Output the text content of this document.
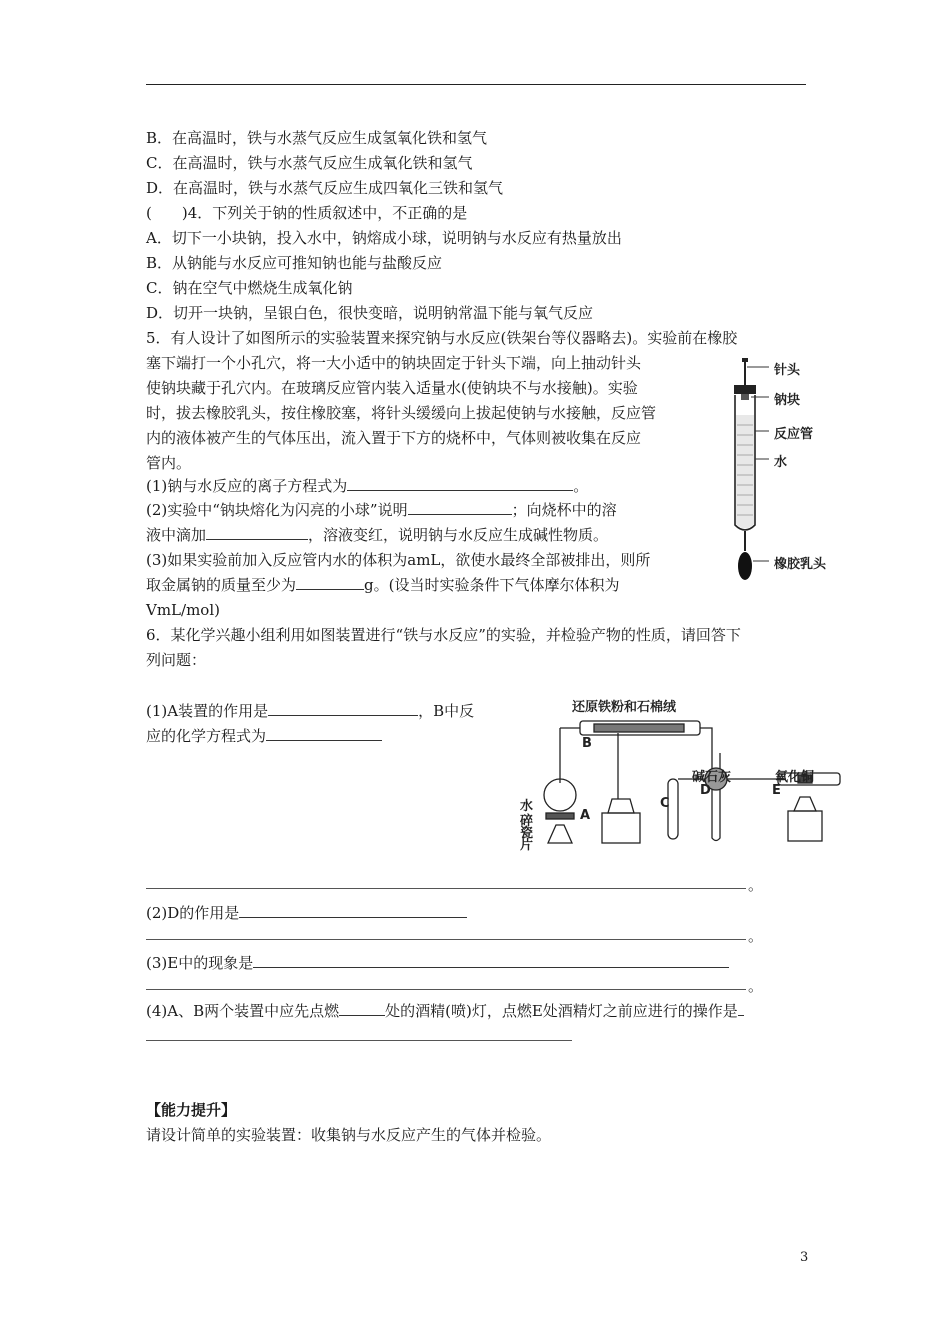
B．在高温时，铁与水蒸气反应生成氢氧化铁和氢气
C．在高温时，铁与水蒸气反应生成氧化铁和氢气
D．在高温时，铁与水蒸气反应生成四氧化三铁和氢气
(　　)4．下列关于钠的性质叙述中，不正确的是
A．切下一小块钠，投入水中，钠熔成小球，说明钠与水反应有热量放出
B．从钠能与水反应可推知钠也能与盐酸反应
C．钠在空气中燃烧生成氧化钠
D．切开一块钠，呈银白色，很快变暗，说明钠常温下能与氧气反应
5．有人设计了如图所示的实验装置来探究钠与水反应(铁架台等仪器略去)。实验前在橡胶
塞下端打一个小孔穴，将一大小适中的钠块固定于针头下端，向上抽动针头
使钠块藏于孔穴内。在玻璃反应管内装入适量水(使钠块不与水接触)。实验
时，拔去橡胶乳头，按住橡胶塞，将针头缓缓向上拔起使钠与水接触，反应管
内的液体被产生的气体压出，流入置于下方的烧杯中，气体则被收集在反应
管内。
(1)钠与水反应的离子方程式为	。
(2)实验中“钠块熔化为闪亮的小球”说明	；向烧杯中的溶
液中滴加	，溶液变红，说明钠与水反应生成碱性物质。
(3)如果实验前加入反应管内水的体积为amL，欲使水最终全部被排出，则所
取金属钠的质量至少为	g。(设当时实验条件下气体摩尔体积为
VmL/mol)
针头
钠块
反应管
水
橡胶乳头
6．某化学兴趣小组利用如图装置进行“铁与水反应”的实验，并检验产物的性质，请回答下
列问题：
(1)A装置的作用是	，B中反
应的化学方程式为
还原铁粉和石棉绒
碱石灰	氧化铜
水
碎
瓷
片
A
B
C
D	E
。
(2)D的作用是
。
(3)E中的现象是
。
(4)A、B两个装置中应先点燃	处的酒精(喷)灯，点燃E处酒精灯之前应进行的操作是
【能力提升】
请设计简单的实验装置：收集钠与水反应产生的气体并检验。
3
